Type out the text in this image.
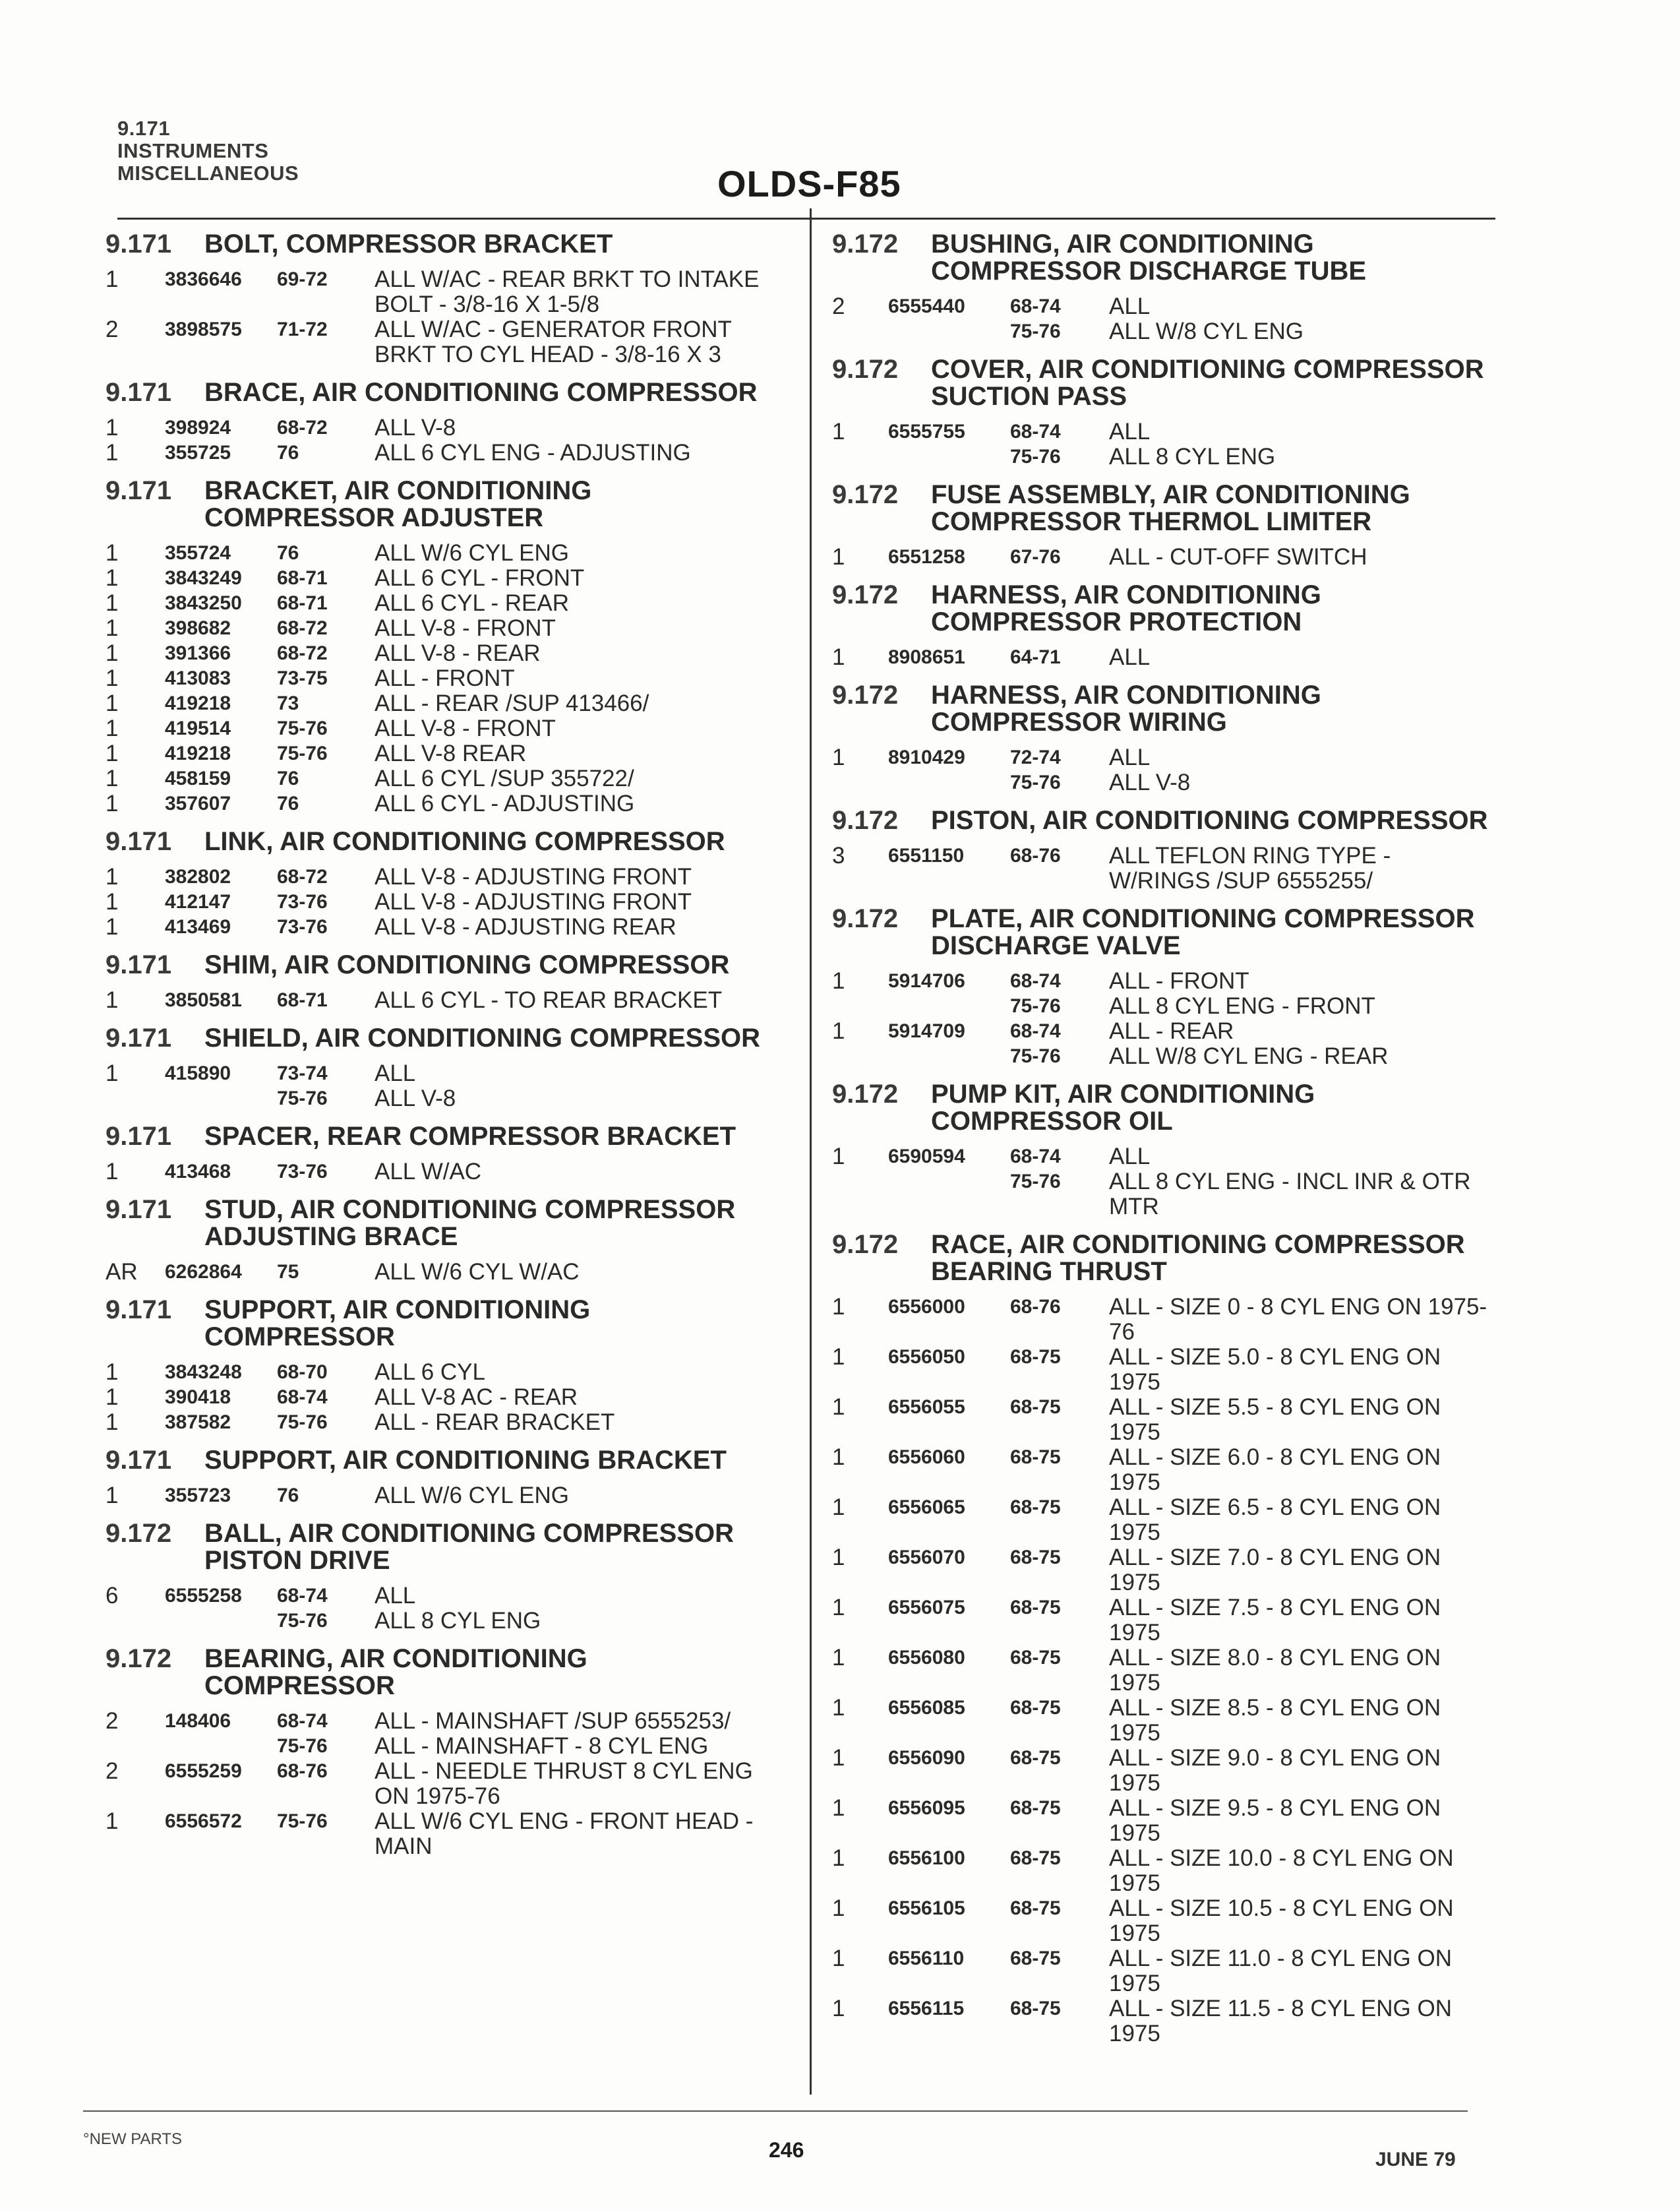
9.171
INSTRUMENTS
MISCELLANEOUS	OLDS-F85
9.171	BOLT, COMPRESSOR BRACKET
1	3836646	69-72	ALL W/AC - REAR BRKT TO INTAKE BOLT - 3/8-16 X 1-5/8
2	3898575	71-72	ALL W/AC - GENERATOR FRONT BRKT TO CYL HEAD - 3/8-16 X 3
9.171	BRACE, AIR CONDITIONING COMPRESSOR
1	398924	68-72	ALL V-8
1	355725	76	ALL 6 CYL ENG - ADJUSTING
9.171	BRACKET, AIR CONDITIONING COMPRESSOR ADJUSTER
1	355724	76	ALL W/6 CYL ENG
1	3843249	68-71	ALL 6 CYL - FRONT
1	3843250	68-71	ALL 6 CYL - REAR
1	398682	68-72	ALL V-8 - FRONT
1	391366	68-72	ALL V-8 - REAR
1	413083	73-75	ALL - FRONT
1	419218	73	ALL - REAR /SUP 413466/
1	419514	75-76	ALL V-8 - FRONT
1	419218	75-76	ALL V-8 REAR
1	458159	76	ALL 6 CYL /SUP 355722/
1	357607	76	ALL 6 CYL - ADJUSTING
9.171	LINK, AIR CONDITIONING COMPRESSOR
1	382802	68-72	ALL V-8 - ADJUSTING FRONT
1	412147	73-76	ALL V-8 - ADJUSTING FRONT
1	413469	73-76	ALL V-8 - ADJUSTING REAR
9.171	SHIM, AIR CONDITIONING COMPRESSOR
1	3850581	68-71	ALL 6 CYL - TO REAR BRACKET
9.171	SHIELD, AIR CONDITIONING COMPRESSOR
1	415890	73-74	ALL
75-76	ALL V-8
9.171	SPACER, REAR COMPRESSOR BRACKET
1	413468	73-76	ALL W/AC
9.171	STUD, AIR CONDITIONING COMPRESSOR ADJUSTING BRACE
AR	6262864	75	ALL W/6 CYL W/AC
9.171	SUPPORT, AIR CONDITIONING COMPRESSOR
1	3843248	68-70	ALL 6 CYL
1	390418	68-74	ALL V-8 AC - REAR
1	387582	75-76	ALL - REAR BRACKET
9.171	SUPPORT, AIR CONDITIONING BRACKET
1	355723	76	ALL W/6 CYL ENG
9.172	BALL, AIR CONDITIONING COMPRESSOR PISTON DRIVE
6	6555258	68-74	ALL
75-76	ALL 8 CYL ENG
9.172	BEARING, AIR CONDITIONING COMPRESSOR
2	148406	68-74	ALL - MAINSHAFT /SUP 6555253/
75-76	ALL - MAINSHAFT - 8 CYL ENG
2	6555259	68-76	ALL - NEEDLE THRUST 8 CYL ENG ON 1975-76
1	6556572	75-76	ALL W/6 CYL ENG - FRONT HEAD - MAIN
9.172	BUSHING, AIR CONDITIONING COMPRESSOR DISCHARGE TUBE
2	6555440	68-74	ALL
75-76	ALL W/8 CYL ENG
9.172	COVER, AIR CONDITIONING COMPRESSOR SUCTION PASS
1	6555755	68-74	ALL
75-76	ALL 8 CYL ENG
9.172	FUSE ASSEMBLY, AIR CONDITIONING COMPRESSOR THERMOL LIMITER
1	6551258	67-76	ALL - CUT-OFF SWITCH
9.172	HARNESS, AIR CONDITIONING COMPRESSOR PROTECTION
1	8908651	64-71	ALL
9.172	HARNESS, AIR CONDITIONING COMPRESSOR WIRING
1	8910429	72-74	ALL
75-76	ALL V-8
9.172	PISTON, AIR CONDITIONING COMPRESSOR
3	6551150	68-76	ALL TEFLON RING TYPE - W/RINGS /SUP 6555255/
9.172	PLATE, AIR CONDITIONING COMPRESSOR DISCHARGE VALVE
1	5914706	68-74	ALL - FRONT
75-76	ALL 8 CYL ENG - FRONT
1	5914709	68-74	ALL - REAR
75-76	ALL W/8 CYL ENG - REAR
9.172	PUMP KIT, AIR CONDITIONING COMPRESSOR OIL
1	6590594	68-74	ALL
75-76	ALL 8 CYL ENG - INCL INR & OTR MTR
9.172	RACE, AIR CONDITIONING COMPRESSOR BEARING THRUST
1	6556000	68-76	ALL - SIZE 0 - 8 CYL ENG ON 1975-76
1	6556050	68-75	ALL - SIZE 5.0 - 8 CYL ENG ON 1975
1	6556055	68-75	ALL - SIZE 5.5 - 8 CYL ENG ON 1975
1	6556060	68-75	ALL - SIZE 6.0 - 8 CYL ENG ON 1975
1	6556065	68-75	ALL - SIZE 6.5 - 8 CYL ENG ON 1975
1	6556070	68-75	ALL - SIZE 7.0 - 8 CYL ENG ON 1975
1	6556075	68-75	ALL - SIZE 7.5 - 8 CYL ENG ON 1975
1	6556080	68-75	ALL - SIZE 8.0 - 8 CYL ENG ON 1975
1	6556085	68-75	ALL - SIZE 8.5 - 8 CYL ENG ON 1975
1	6556090	68-75	ALL - SIZE 9.0 - 8 CYL ENG ON 1975
1	6556095	68-75	ALL - SIZE 9.5 - 8 CYL ENG ON 1975
1	6556100	68-75	ALL - SIZE 10.0 - 8 CYL ENG ON 1975
1	6556105	68-75	ALL - SIZE 10.5 - 8 CYL ENG ON 1975
1	6556110	68-75	ALL - SIZE 11.0 - 8 CYL ENG ON 1975
1	6556115	68-75	ALL - SIZE 11.5 - 8 CYL ENG ON 1975
°NEW PARTS	246	JUNE 79
